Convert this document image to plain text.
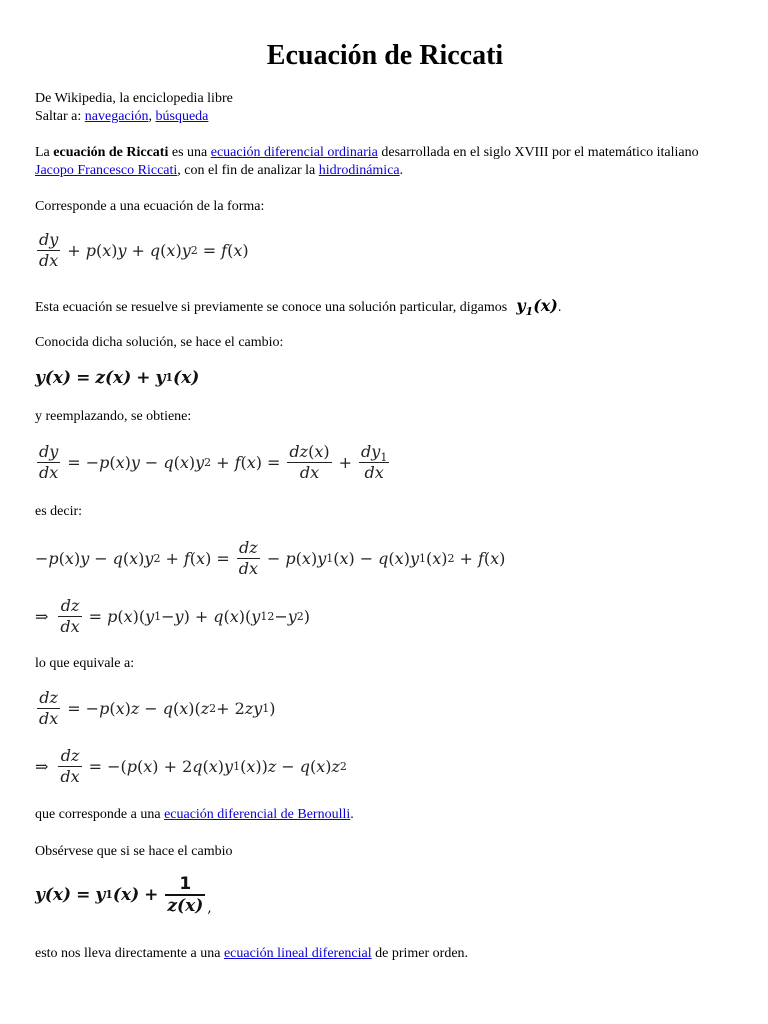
Ecuación de Riccati

De Wikipedia, la enciclopedia libre

Saltar a: navegación, búsqueda

La ecuación de Riccati es una ecuación diferencial ordinaria desarrollada en el siglo XVIII por el matemático italiano Jacopo Francesco Riccati, con el fin de analizar la hidrodinámica.

Corresponde a una ecuación de la forma:

$\frac{dy}{dx} + p$ ( x ) y + q ( x ) y 2 = f ( x )

Esta ecuación se resuelve si previamente se conoce una solución particular, digamos  $y_1(x)$.

Conocida dicha solución, se hace el cambio:

y(x) = z(x) + y 1 (x)

y reemplazando, se obtiene:

$\frac{dy}{dx}$ = − p ( x ) y − q ( x ) y 2 + f ( x ) = $\frac{dz(x)}{dx} + \frac{dy_1}{dx}$

es decir:

− p ( x ) y − q ( x ) y 2 + f ( x ) = $\frac{dz}{dx} - p$ ( x ) y 1 ( x ) − q ( x ) y 1 ( x ) 2 + f ( x )
⇒ $\frac{dz}{dx} = p$ ( x )( y 1 − y ) + q ( x )( y 1 2 − y 2 )

lo que equivale a:

$\frac{dz}{dx}$ = − p ( x ) z − q ( x )( z 2 + 2 zy 1 )
⇒ $\frac{dz}{dx}$ = −( p ( x ) + 2 q ( x ) y 1 ( x )) z − q ( x ) z 2

que corresponde a una ecuación diferencial de Bernoulli.

Obsérvese que si se hace el cambio

y(x) = y 1 $(x) + \frac{1}{z(x)}$ ,

esto nos lleva directamente a una ecuación lineal diferencial de primer orden.
